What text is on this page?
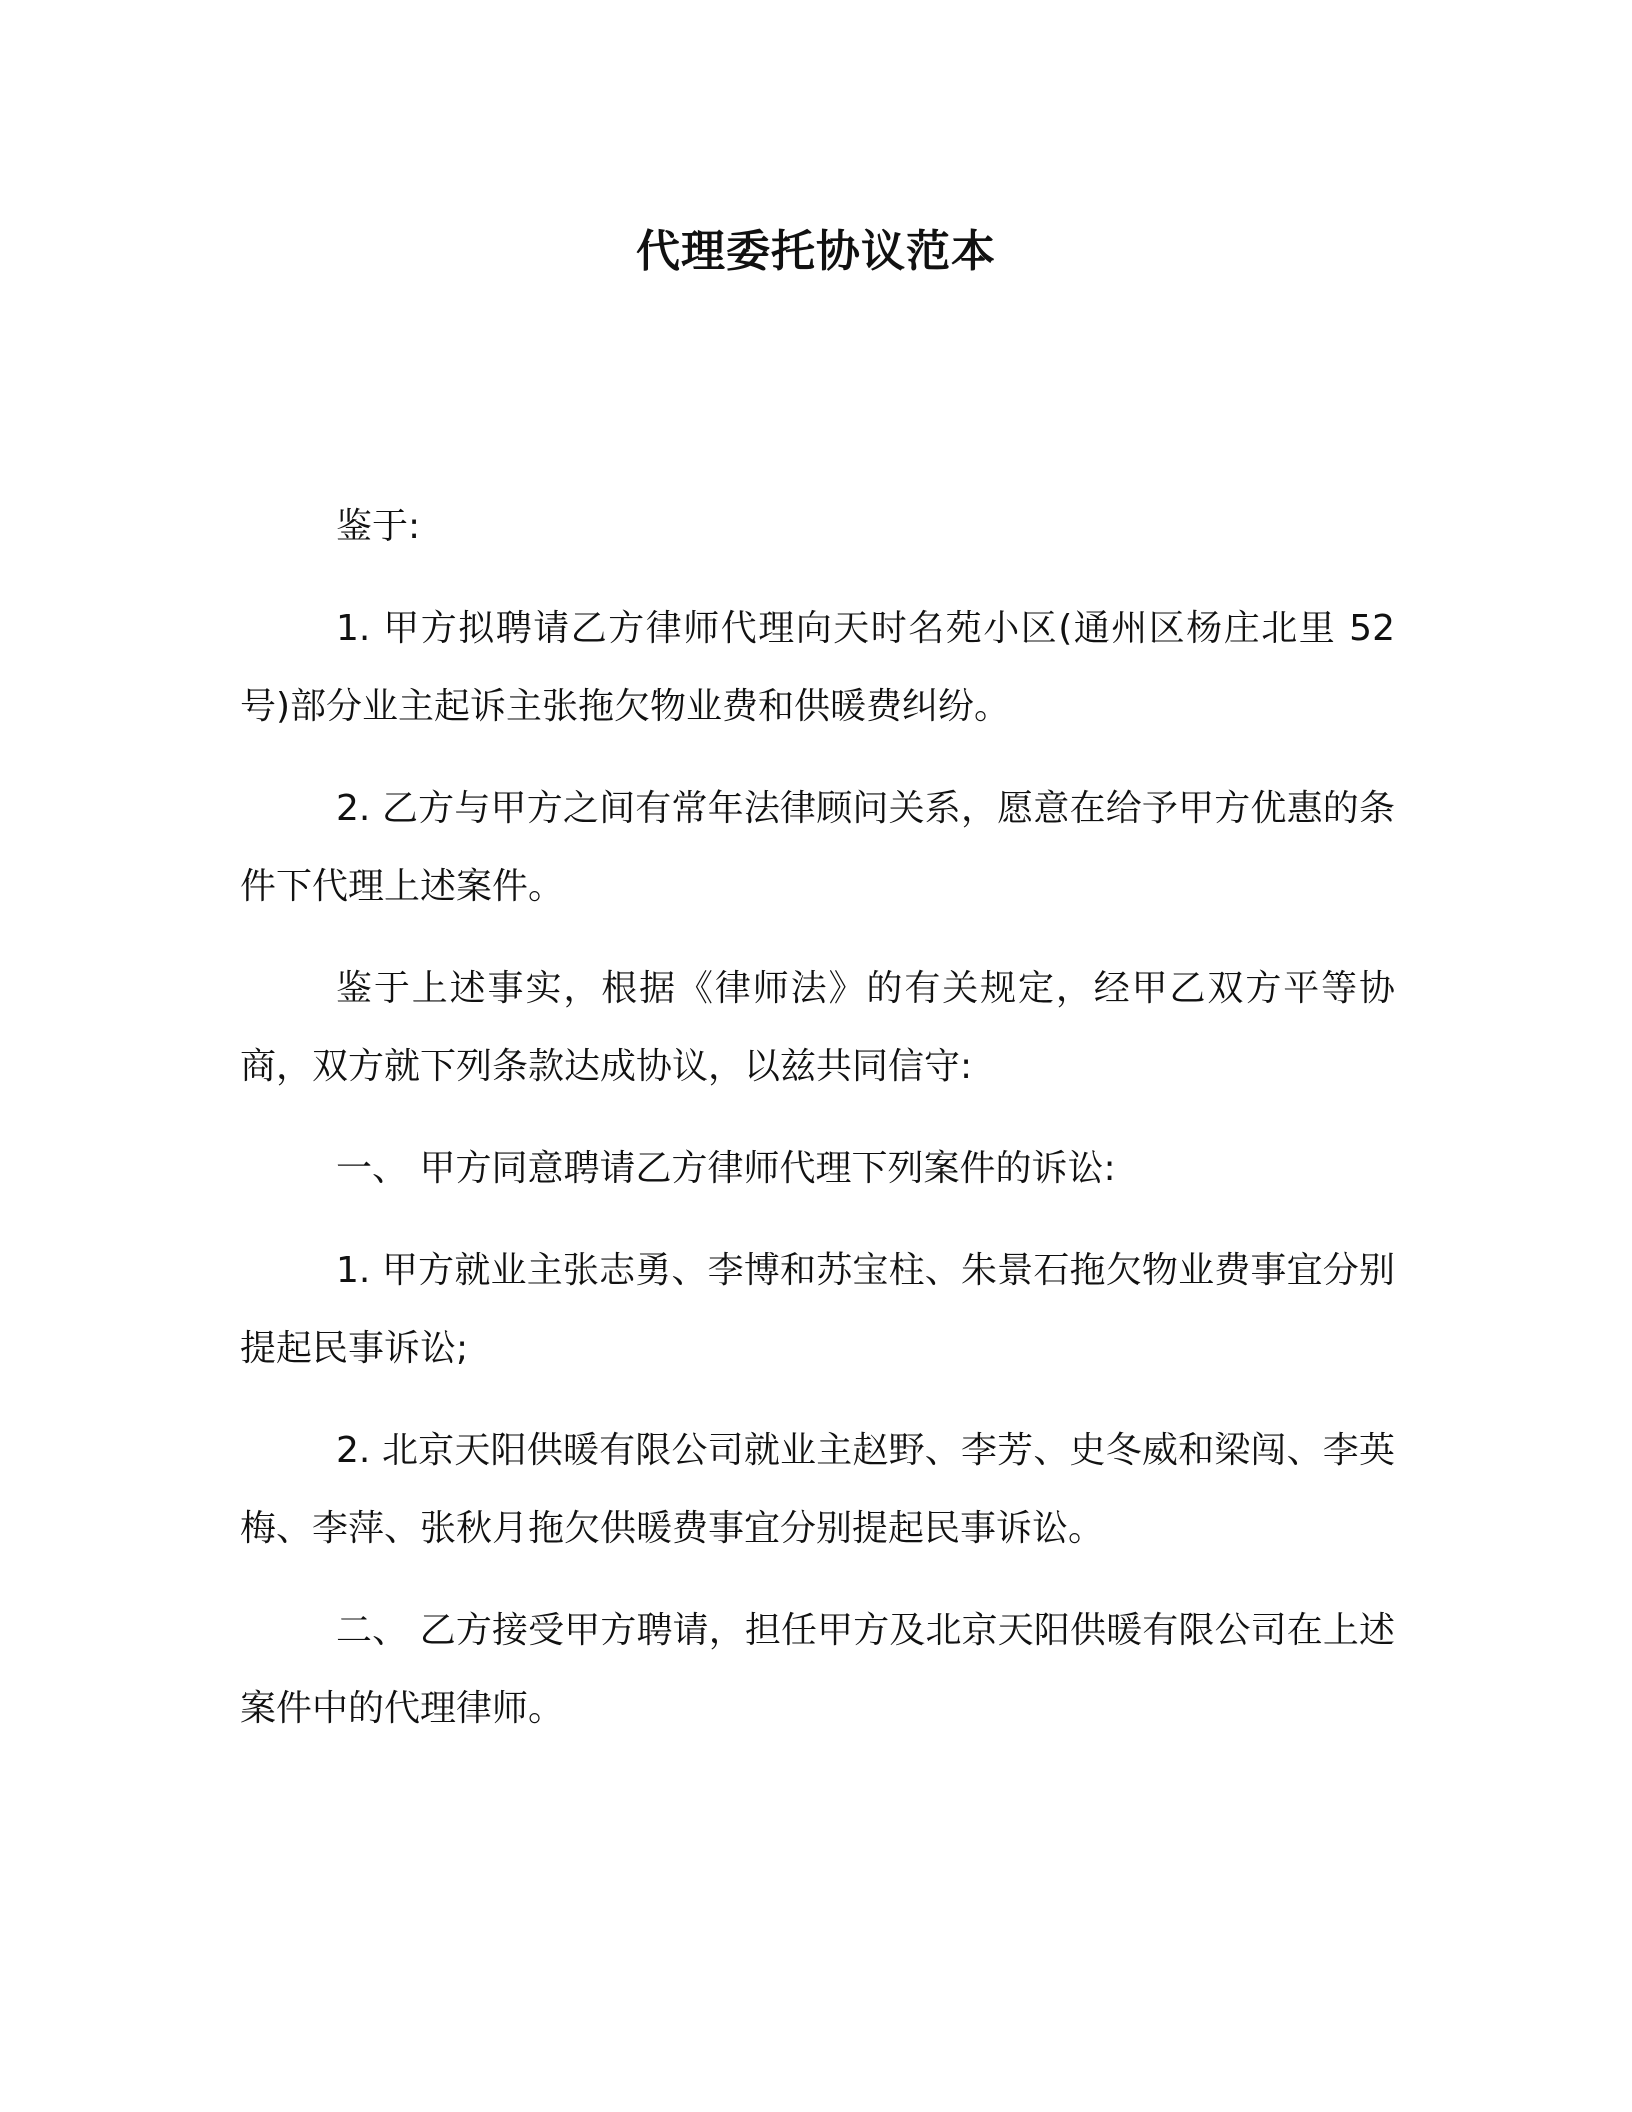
代理委托协议范本

鉴于:

1. 甲方拟聘请乙方律师代理向天时名苑小区(通州区杨庄北里 52号)部分业主起诉主张拖欠物业费和供暖费纠纷。

2. 乙方与甲方之间有常年法律顾问关系，愿意在给予甲方优惠的条件下代理上述案件。

鉴于上述事实，根据《律师法》的有关规定，经甲乙双方平等协商，双方就下列条款达成协议，以兹共同信守:

一、 甲方同意聘请乙方律师代理下列案件的诉讼:

1. 甲方就业主张志勇、李博和苏宝柱、朱景石拖欠物业费事宜分别提起民事诉讼;

2. 北京天阳供暖有限公司就业主赵野、李芳、史冬威和梁闯、李英梅、李萍、张秋月拖欠供暖费事宜分别提起民事诉讼。

二、 乙方接受甲方聘请，担任甲方及北京天阳供暖有限公司在上述案件中的代理律师。
